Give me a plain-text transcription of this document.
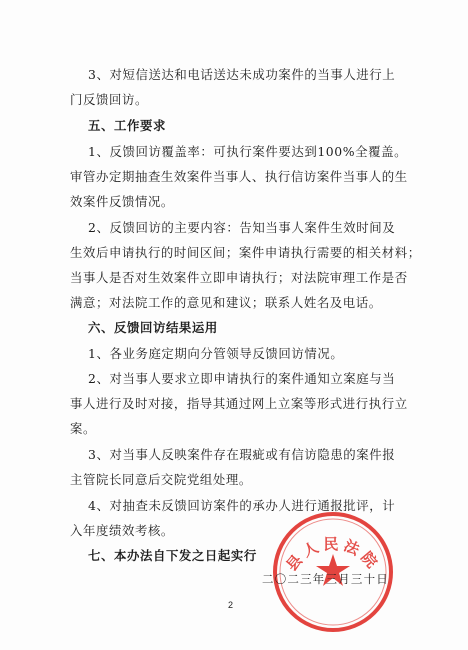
3、对短信送达和电话送达未成功案件的当事人进行上
门反馈回访。
五、工作要求
1、反馈回访覆盖率：可执行案件要达到100%全覆盖。
审管办定期抽查生效案件当事人、执行信访案件当事人的生
效案件反馈情况。
2、反馈回访的主要内容：告知当事人案件生效时间及
生效后申请执行的时间区间；案件申请执行需要的相关材料；
当事人是否对生效案件立即申请执行；对法院审理工作是否
满意；对法院工作的意见和建议；联系人姓名及电话。
六、反馈回访结果运用
1、各业务庭定期向分管领导反馈回访情况。
2、对当事人要求立即申请执行的案件通知立案庭与当
事人进行及时对接，指导其通过网上立案等形式进行执行立
案。
3、对当事人反映案件存在瑕疵或有信访隐患的案件报
主管院长同意后交院党组处理。
4、对抽查未反馈回访案件的承办人进行通报批评，计
入年度绩效考核。
七、本办法自下发之日起实行	县人民法院
二〇二三年三月三十日
2
